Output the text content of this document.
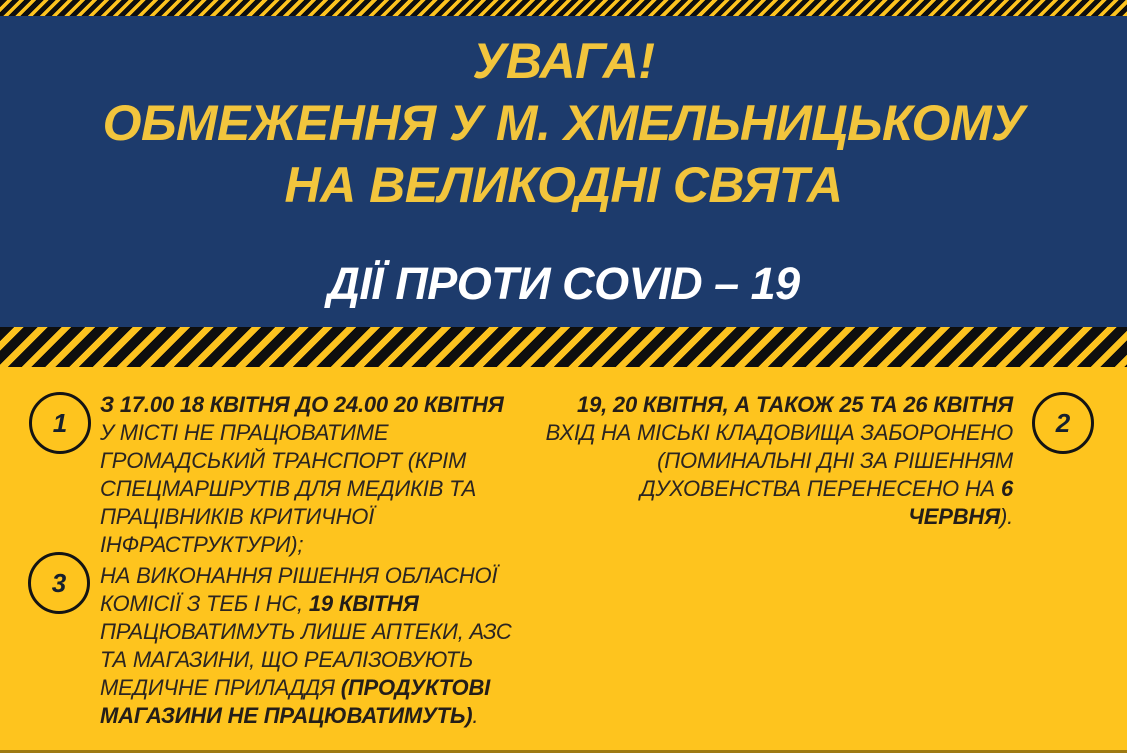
УВАГА!
ОБМЕЖЕННЯ У М. ХМЕЛЬНИЦЬКОМУ
НА ВЕЛИКОДНІ СВЯТА
ДІЇ ПРОТИ COVID – 19
1

З 17.00 18 КВІТНЯ ДО 24.00 20 КВІТНЯ
У МІСТІ НЕ ПРАЦЮВАТИМЕ ГРОМАДСЬКИЙ ТРАНСПОРТ (КРІМ СПЕЦМАРШРУТІВ ДЛЯ МЕДИКІВ ТА ПРАЦІВНИКІВ КРИТИЧНОЇ ІНФРАСТРУКТУРИ);

2

19, 20 КВІТНЯ, А ТАКОЖ 25 ТА 26 КВІТНЯ
ВХІД НА МІСЬКІ КЛАДОВИЩА ЗАБОРОНЕНО (ПОМИНАЛЬНІ ДНІ ЗА РІШЕННЯМ ДУХОВЕНСТВА ПЕРЕНЕСЕНО НА 6 ЧЕРВНЯ).

3 НА ВИКОНАННЯ РІШЕННЯ ОБЛАСНОЇ КОМІСІЇ З ТЕБ І НС, 19 КВІТНЯ ПРАЦЮВАТИМУТЬ ЛИШЕ АПТЕКИ, АЗС ТА МАГАЗИНИ, ЩО РЕАЛІЗОВУЮТЬ МЕДИЧНЕ ПРИЛАДДЯ (ПРОДУКТОВІ МАГАЗИНИ НЕ ПРАЦЮВАТИМУТЬ).
